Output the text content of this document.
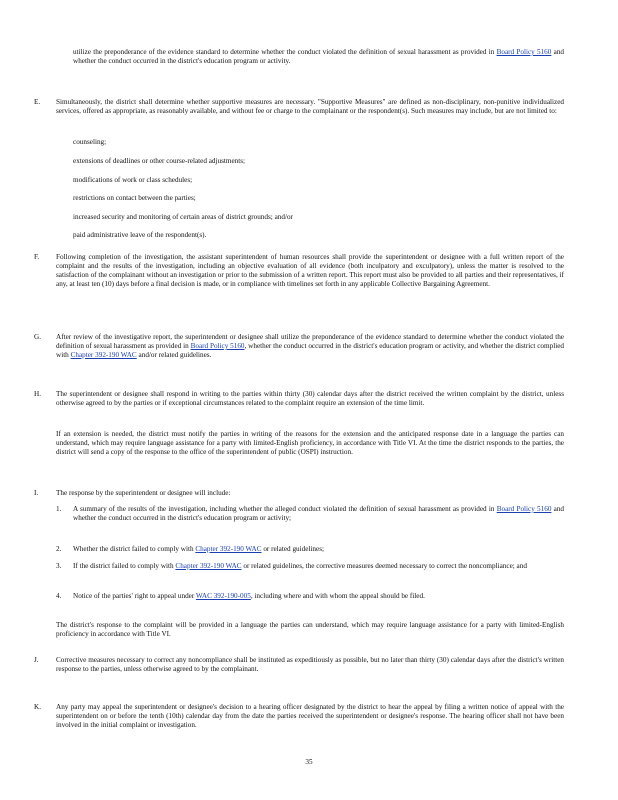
utilize the preponderance of the evidence standard to determine whether the conduct violated the definition of sexual harassment as provided in Board Policy 5160 and whether the conduct occurred in the district's education program or activity.
E.	Simultaneously, the district shall determine whether supportive measures are necessary. "Supportive Measures" are defined as non-disciplinary, non-punitive individualized services, offered as appropriate, as reasonably available, and without fee or charge to the complainant or the respondent(s). Such measures may include, but are not limited to:
counseling;
extensions of deadlines or other course-related adjustments;
modifications of work or class schedules;
restrictions on contact between the parties;
increased security and monitoring of certain areas of district grounds; and/or
paid administrative leave of the respondent(s).
F.	Following completion of the investigation, the assistant superintendent of human resources shall provide the superintendent or designee with a full written report of the complaint and the results of the investigation, including an objective evaluation of all evidence (both inculpatory and exculpatory), unless the matter is resolved to the satisfaction of the complainant without an investigation or prior to the submission of a written report. This report must also be provided to all parties and their representatives, if any, at least ten (10) days before a final decision is made, or in compliance with timelines set forth in any applicable Collective Bargaining Agreement.
G.	After review of the investigative report, the superintendent or designee shall utilize the preponderance of the evidence standard to determine whether the conduct violated the definition of sexual harassment as provided in Board Policy 5160, whether the conduct occurred in the district's education program or activity, and whether the district complied with Chapter 392-190 WAC and/or related guidelines.
H.	The superintendent or designee shall respond in writing to the parties within thirty (30) calendar days after the district received the written complaint by the district, unless otherwise agreed to by the parties or if exceptional circumstances related to the complaint require an extension of the time limit.
If an extension is needed, the district must notify the parties in writing of the reasons for the extension and the anticipated response date in a language the parties can understand, which may require language assistance for a party with limited-English proficiency, in accordance with Title VI. At the time the district responds to the parties, the district will send a copy of the response to the office of the superintendent of public (OSPI) instruction.
I.	The response by the superintendent or designee will include:
1.	A summary of the results of the investigation, including whether the alleged conduct violated the definition of sexual harassment as provided in Board Policy 5160 and whether the conduct occurred in the district's education program or activity;
2.	Whether the district failed to comply with Chapter 392-190 WAC or related guidelines;
3.	If the district failed to comply with Chapter 392-190 WAC or related guidelines, the corrective measures deemed necessary to correct the noncompliance; and
4.	Notice of the parties' right to appeal under WAC 392-190-005, including where and with whom the appeal should be filed.
The district's response to the complaint will be provided in a language the parties can understand, which may require language assistance for a party with limited-English proficiency in accordance with Title VI.
J.	Corrective measures necessary to correct any noncompliance shall be instituted as expeditiously as possible, but no later than thirty (30) calendar days after the district's written response to the parties, unless otherwise agreed to by the complainant.
K.	Any party may appeal the superintendent or designee's decision to a hearing officer designated by the district to hear the appeal by filing a written notice of appeal with the superintendent on or before the tenth (10th) calendar day from the date the parties received the superintendent or designee's response. The hearing officer shall not have been involved in the initial complaint or investigation.
35
